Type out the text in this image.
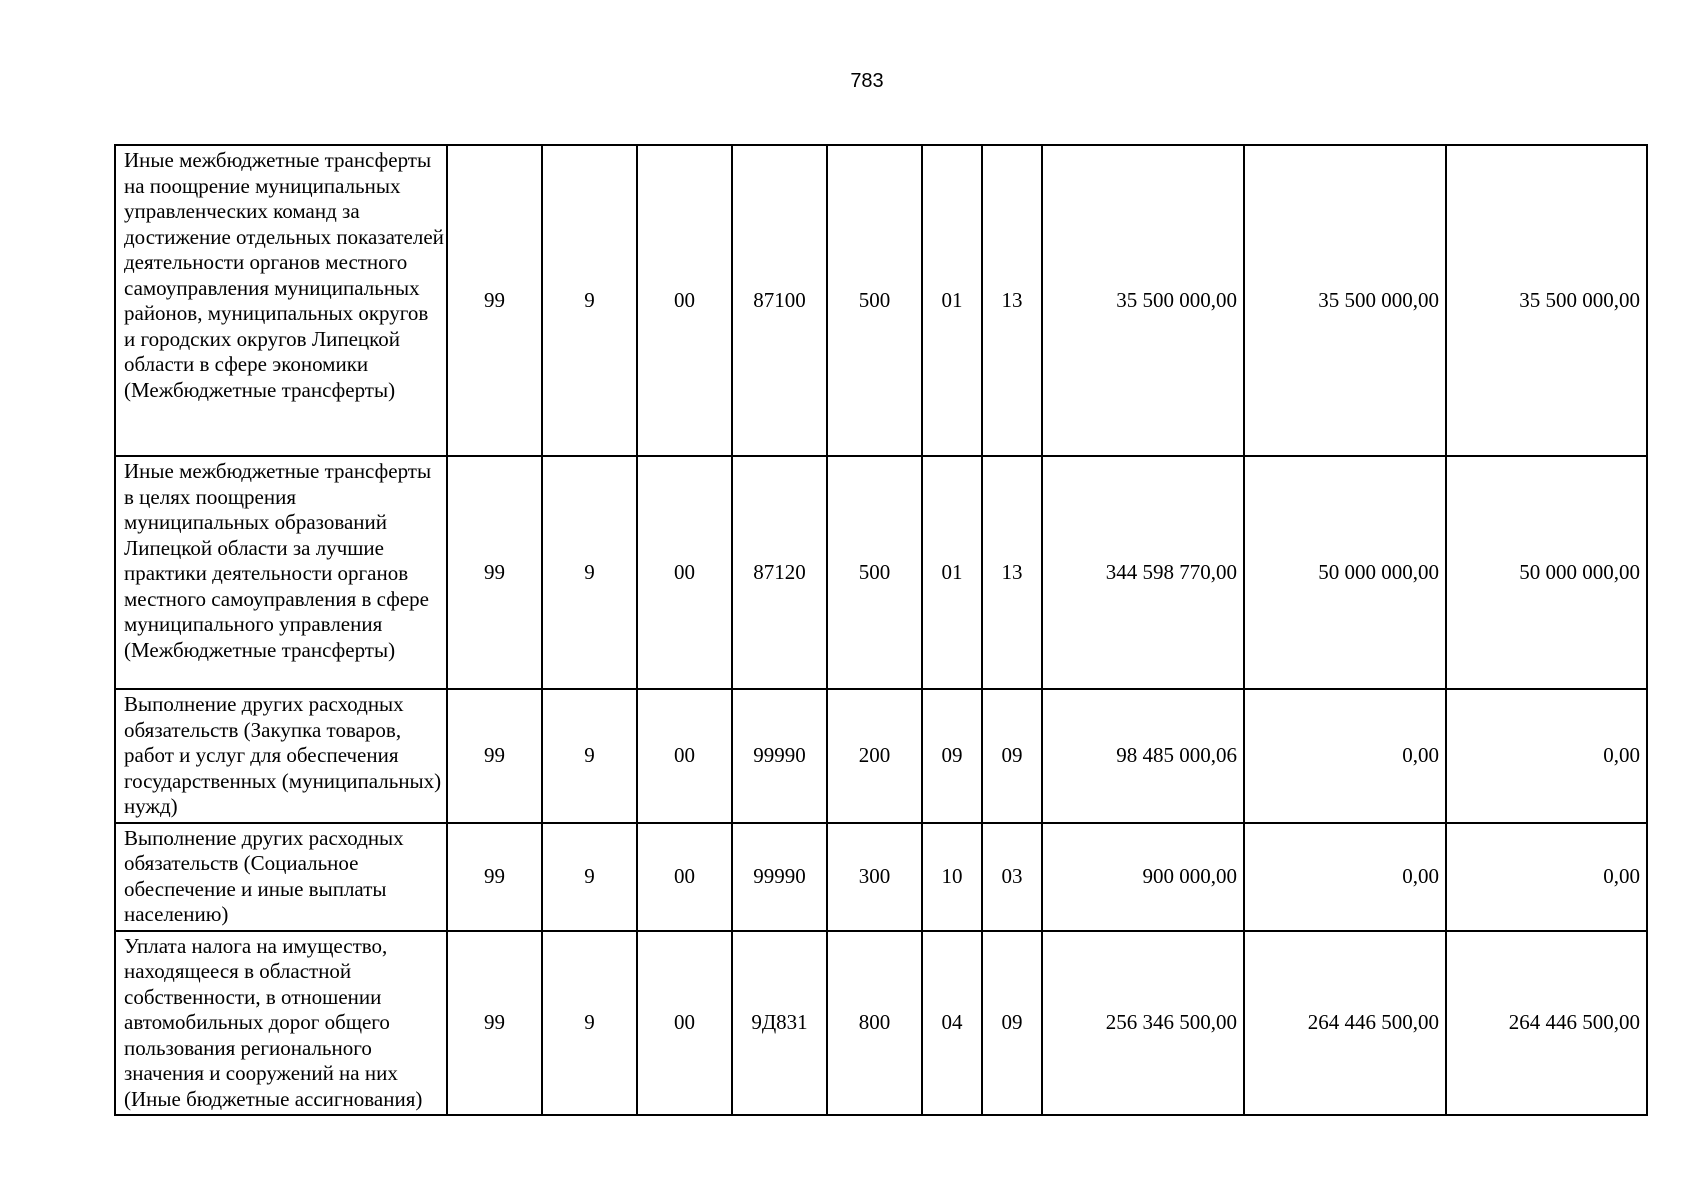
783
Иные межбюджетные трансферты на поощрение муниципальных управленческих команд за достижение отдельных показателей деятельности органов местного самоуправления муниципальных районов, муниципальных округов и городских округов Липецкой области в сфере экономики (Межбюджетные трансферты)	99	9	00	87100	500	01	13	35 500 000,00	35 500 000,00	35 500 000,00
Иные межбюджетные трансферты в целях поощрения муниципальных образований Липецкой области за лучшие практики деятельности органов местного самоуправления в сфере муниципального управления (Межбюджетные трансферты)	99	9	00	87120	500	01	13	344 598 770,00	50 000 000,00	50 000 000,00
Выполнение других расходных обязательств (Закупка товаров, работ и услуг для обеспечения государственных (муниципальных) нужд)	99	9	00	99990	200	09	09	98 485 000,06	0,00	0,00
Выполнение других расходных обязательств (Социальное обеспечение и иные выплаты населению)	99	9	00	99990	300	10	03	900 000,00	0,00	0,00
Уплата налога на имущество, находящееся в областной собственности, в отношении автомобильных дорог общего пользования регионального значения и сооружений на них (Иные бюджетные ассигнования)	99	9	00	9Д831	800	04	09	256 346 500,00	264 446 500,00	264 446 500,00
